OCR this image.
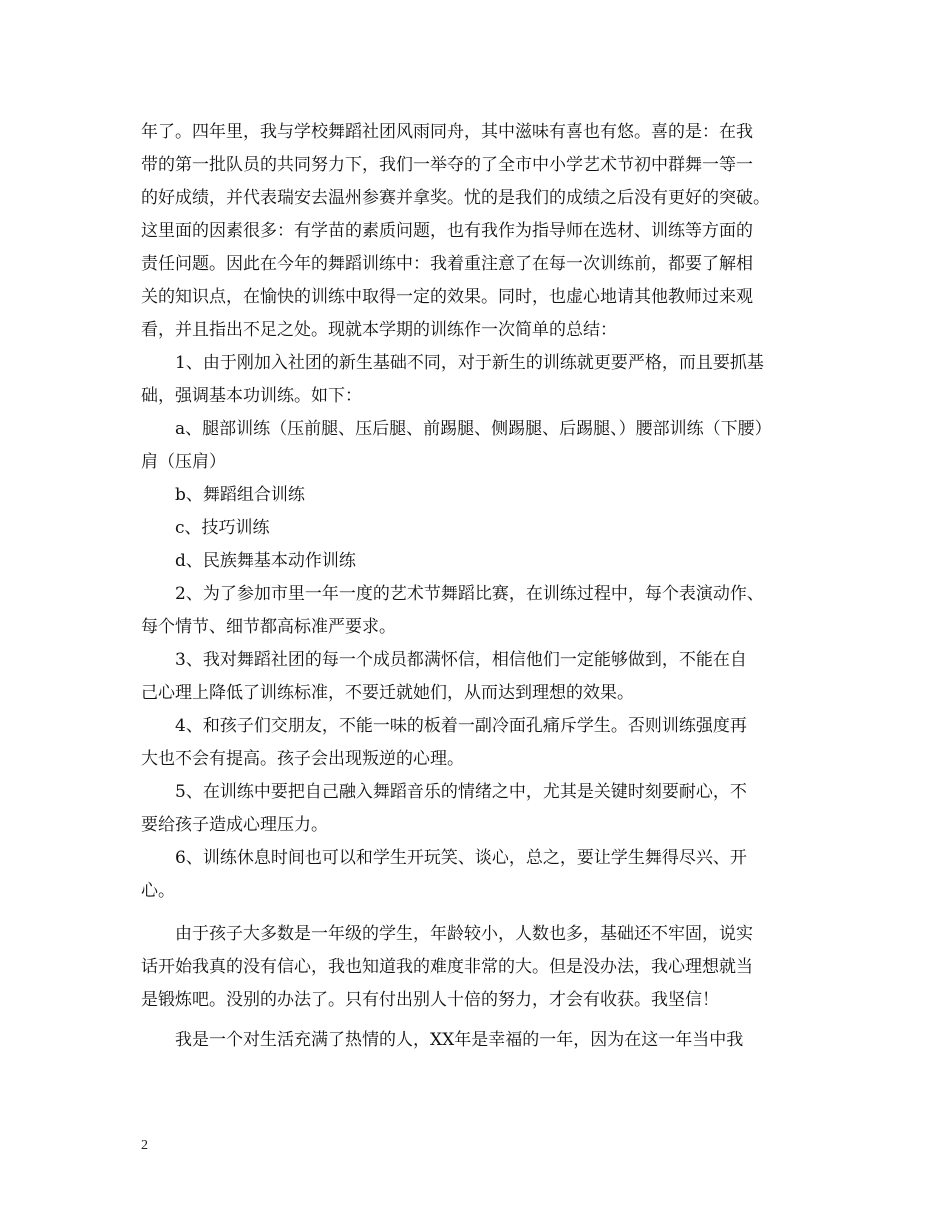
年了。四年里，我与学校舞蹈社团风雨同舟，其中滋味有喜也有悠。喜的是：在我
带的第一批队员的共同努力下，我们一举夺的了全市中小学艺术节初中群舞一等一
的好成绩，并代表瑞安去温州参赛并拿奖。忧的是我们的成绩之后没有更好的突破。
这里面的因素很多：有学苗的素质问题，也有我作为指导师在选材、训练等方面的
责任问题。因此在今年的舞蹈训练中：我着重注意了在每一次训练前，都要了解相
关的知识点，在愉快的训练中取得一定的效果。同时，也虚心地请其他教师过来观
看，并且指出不足之处。现就本学期的训练作一次简单的总结：
1、由于刚加入社团的新生基础不同，对于新生的训练就更要严格，而且要抓基
础，强调基本功训练。如下：
a、腿部训练（压前腿、压后腿、前踢腿、侧踢腿、后踢腿、）腰部训练（下腰）
肩（压肩）
b、舞蹈组合训练
c、技巧训练
d、民族舞基本动作训练
2、为了参加市里一年一度的艺术节舞蹈比赛，在训练过程中，每个表演动作、
每个情节、细节都高标准严要求。
3、我对舞蹈社团的每一个成员都满怀信，相信他们一定能够做到，不能在自
己心理上降低了训练标准，不要迁就她们，从而达到理想的效果。
4、和孩子们交朋友，不能一味的板着一副冷面孔痛斥学生。否则训练强度再
大也不会有提高。孩子会出现叛逆的心理。
5、在训练中要把自己融入舞蹈音乐的情绪之中，尤其是关键时刻要耐心，不
要给孩子造成心理压力。
6、训练休息时间也可以和学生开玩笑、谈心，总之，要让学生舞得尽兴、开
心。
由于孩子大多数是一年级的学生，年龄较小，人数也多，基础还不牢固，说实
话开始我真的没有信心，我也知道我的难度非常的大。但是没办法，我心理想就当
是锻炼吧。没别的办法了。只有付出别人十倍的努力，才会有收获。我坚信！
我是一个对生活充满了热情的人，XX年是幸福的一年，因为在这一年当中我
2
